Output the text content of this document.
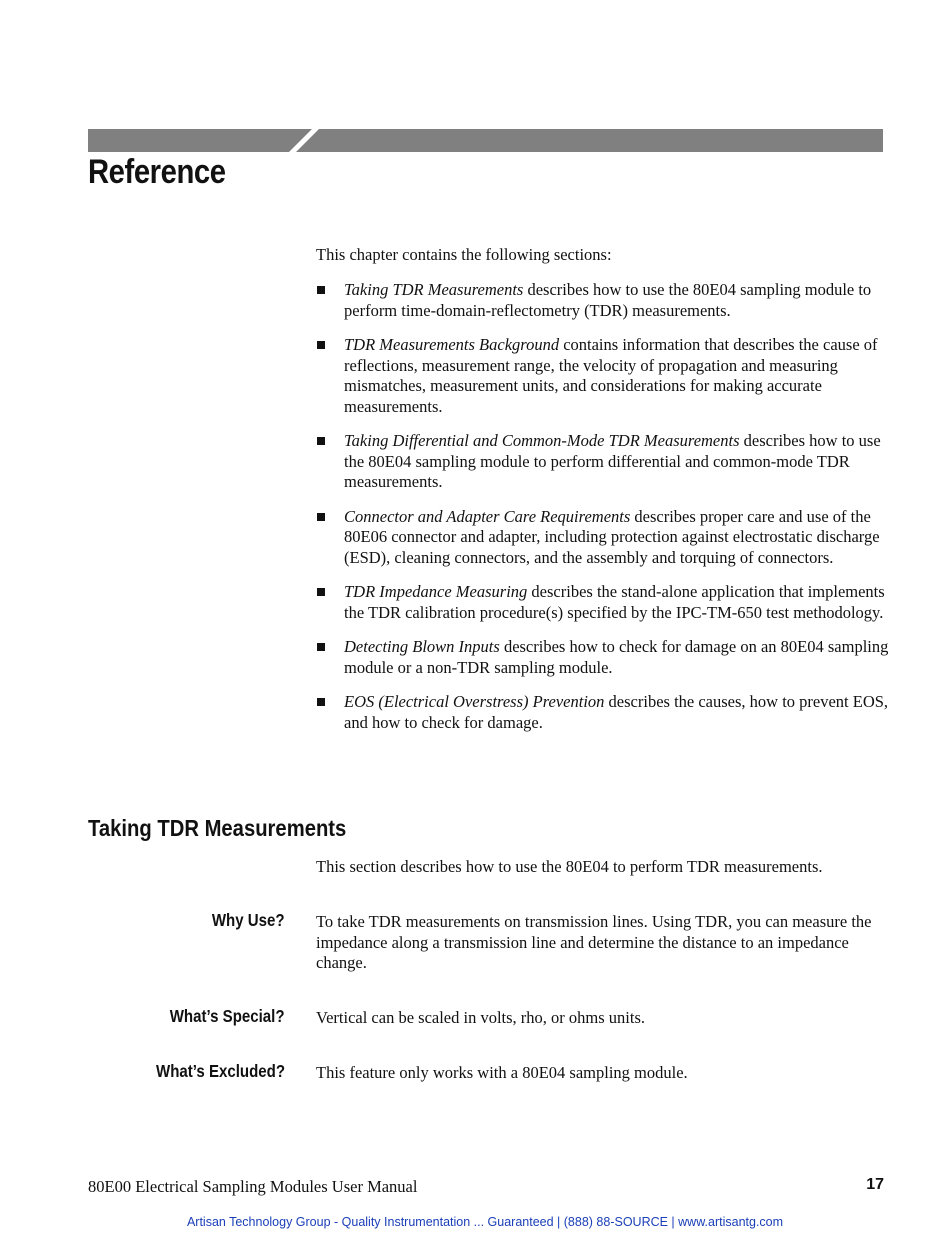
Reference

This chapter contains the following sections:

Taking TDR Measurements describes how to use the 80E04 sampling module to perform time-domain-reflectometry (TDR) measurements.
TDR Measurements Background contains information that describes the cause of reflections, measurement range, the velocity of propagation and measuring mismatches, measurement units, and considerations for making accurate measurements.
Taking Differential and Common-Mode TDR Measurements describes how to use the 80E04 sampling module to perform differential and common-mode TDR measurements.
Connector and Adapter Care Requirements describes proper care and use of the 80E06 connector and adapter, including protection against electrostatic discharge (ESD), cleaning connectors, and the assembly and torquing of connectors.
TDR Impedance Measuring describes the stand-alone application that implements the TDR calibration procedure(s) specified by the IPC-TM-650 test methodology.
Detecting Blown Inputs describes how to check for damage on an 80E04 sampling module or a non-TDR sampling module.
EOS (Electrical Overstress) Prevention describes the causes, how to prevent EOS, and how to check for damage.
Taking TDR Measurements

This section describes how to use the 80E04 to perform TDR measurements.

Why Use? To take TDR measurements on transmission lines. Using TDR, you can measure the impedance along a transmission line and determine the distance to an impedance change.

What’s Special? Vertical can be scaled in volts, rho, or ohms units.

What’s Excluded? This feature only works with a 80E04 sampling module.

80E00 Electrical Sampling Modules User Manual	17

Artisan Technology Group - Quality Instrumentation ... Guaranteed | (888) 88-SOURCE | www.artisantg.com
